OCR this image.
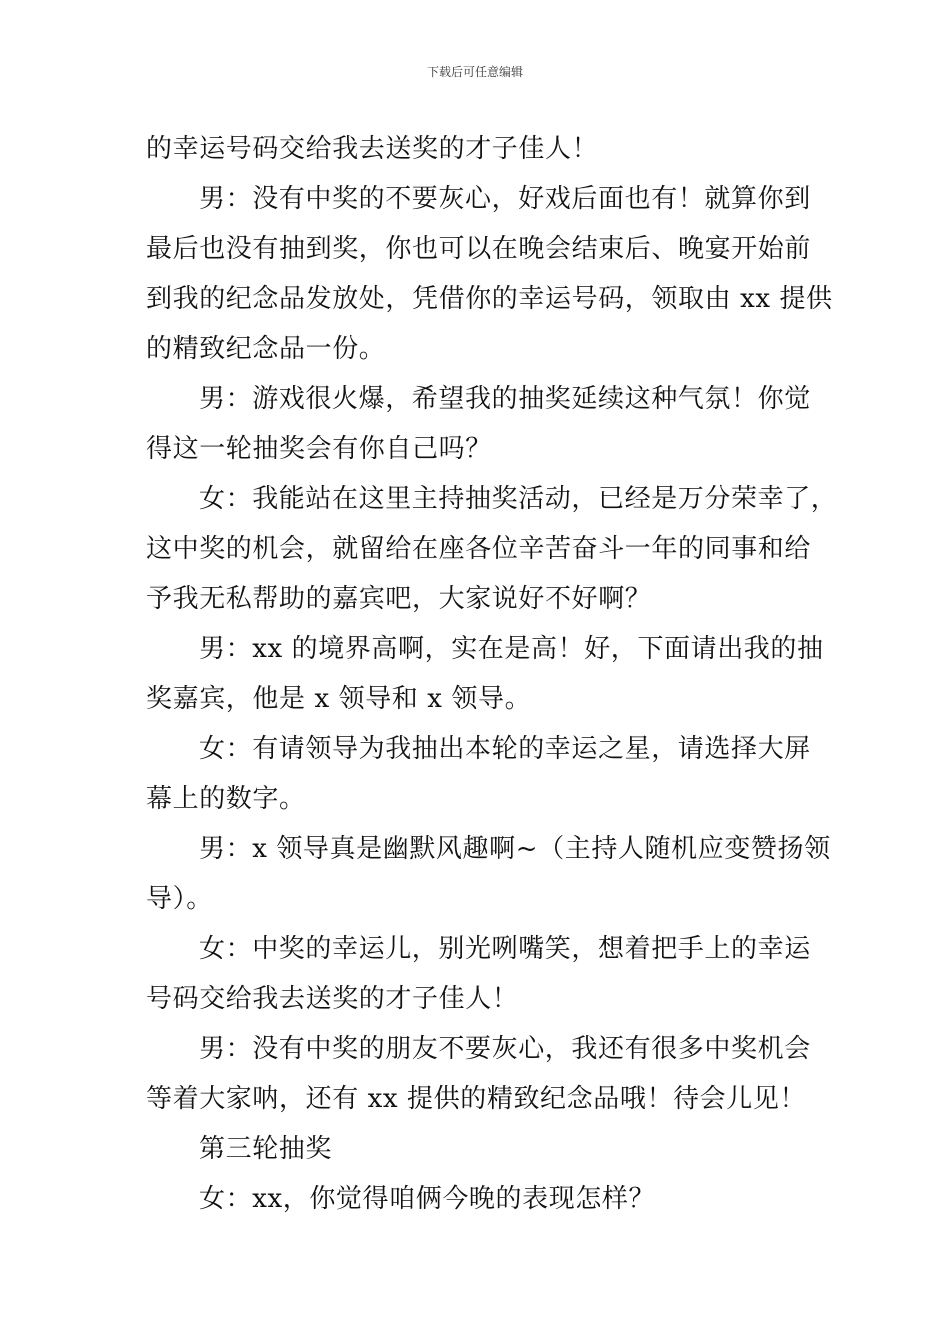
下载后可任意编辑
的幸运号码交给我去送奖的才子佳人！
男：没有中奖的不要灰心，好戏后面也有！就算你到
最后也没有抽到奖，你也可以在晚会结束后、晚宴开始前
到我的纪念品发放处，凭借你的幸运号码，领取由 xx 提供
的精致纪念品一份。
男：游戏很火爆，希望我的抽奖延续这种气氛！你觉
得这一轮抽奖会有你自己吗？
女：我能站在这里主持抽奖活动，已经是万分荣幸了，
这中奖的机会，就留给在座各位辛苦奋斗一年的同事和给
予我无私帮助的嘉宾吧，大家说好不好啊？
男：xx 的境界高啊，实在是高！好，下面请出我的抽
奖嘉宾，他是 x 领导和 x 领导。
女：有请领导为我抽出本轮的幸运之星，请选择大屏
幕上的数字。
男：x 领导真是幽默风趣啊~（主持人随机应变赞扬领
导）。
女：中奖的幸运儿，别光咧嘴笑，想着把手上的幸运
号码交给我去送奖的才子佳人！
男：没有中奖的朋友不要灰心，我还有很多中奖机会
等着大家呐，还有 xx 提供的精致纪念品哦！待会儿见！
第三轮抽奖
女：xx，你觉得咱俩今晚的表现怎样？
